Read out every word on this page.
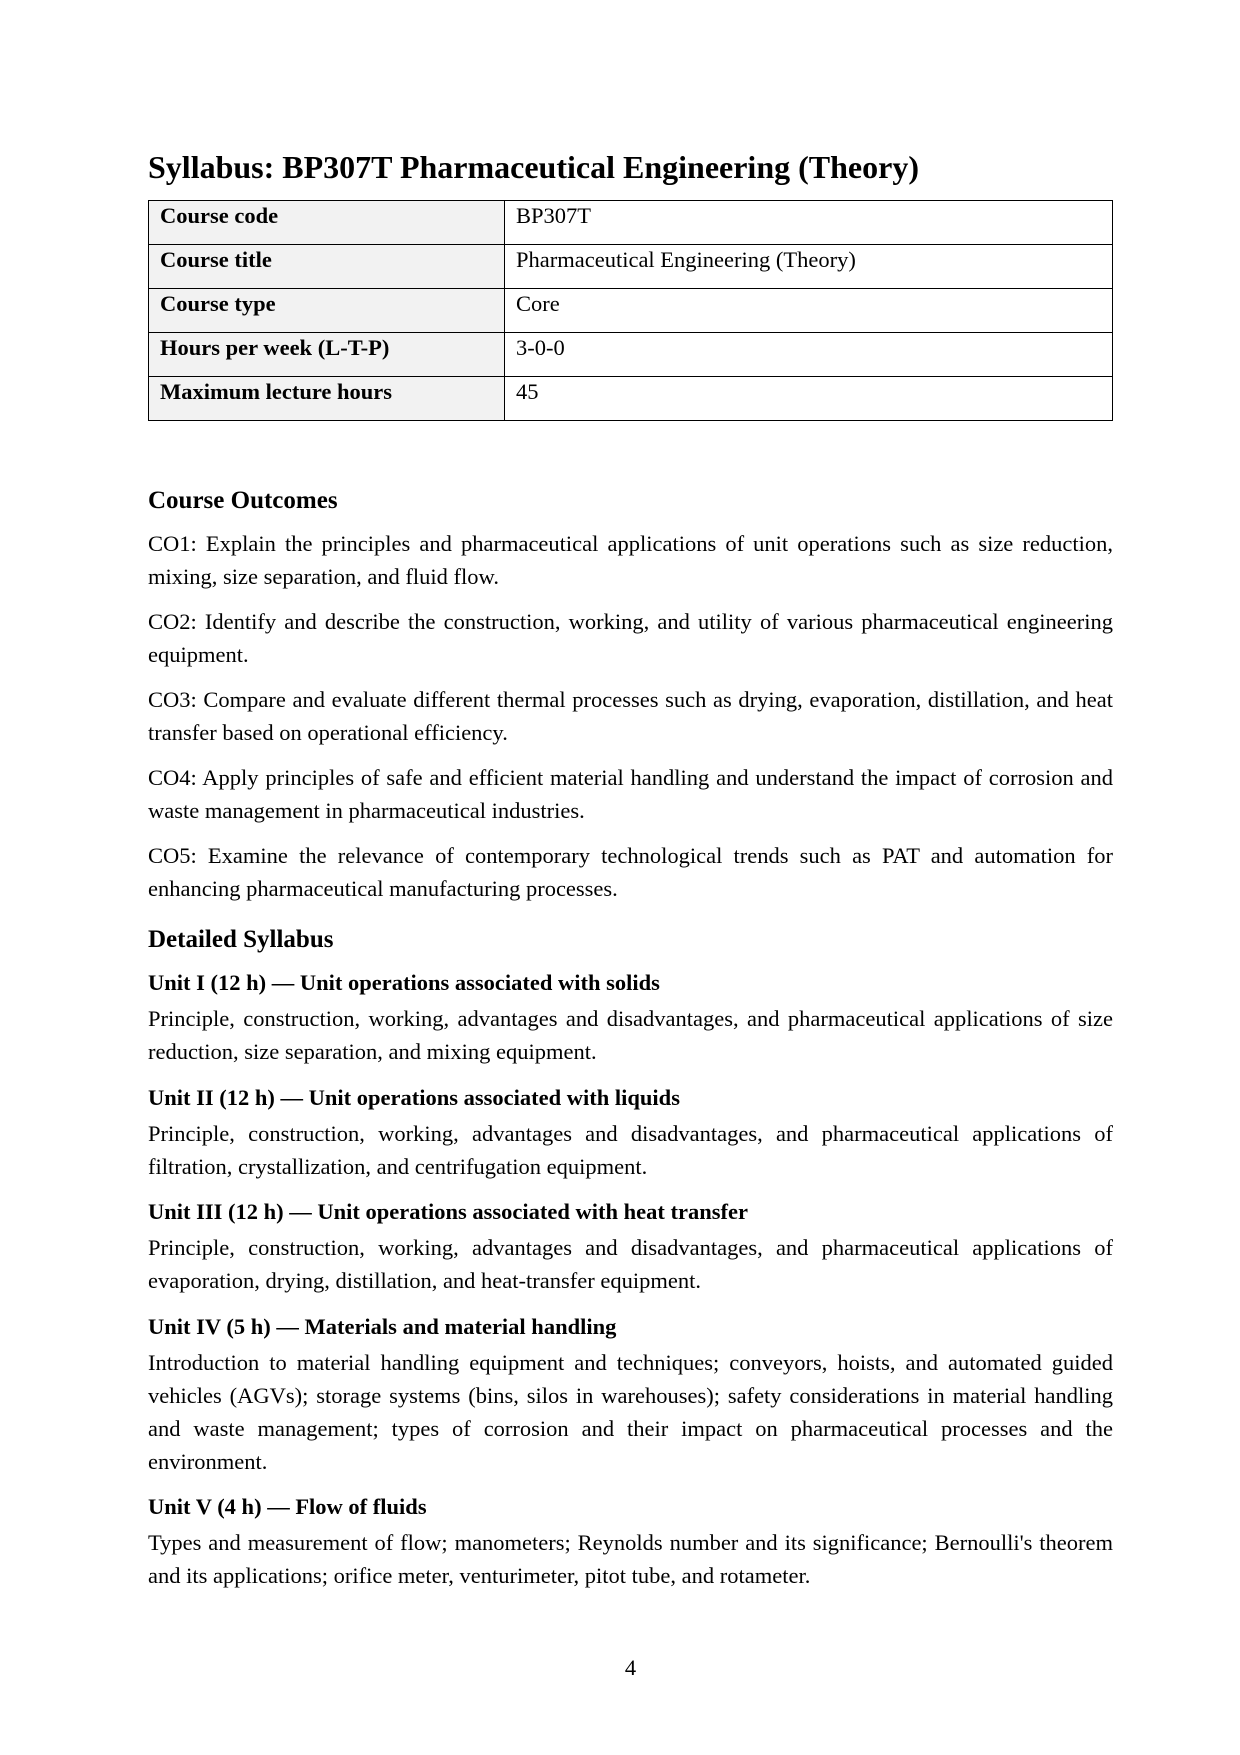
Syllabus: BP307T Pharmaceutical Engineering (Theory)
Course code	BP307T
Course title	Pharmaceutical Engineering (Theory)
Course type	Core
Hours per week (L-T-P)	3-0-0
Maximum lecture hours	45
Course Outcomes

CO1: Explain the principles and pharmaceutical applications of unit operations such as size reduction, mixing, size separation, and fluid flow.

CO2: Identify and describe the construction, working, and utility of various pharmaceutical engineering equipment.

CO3: Compare and evaluate different thermal processes such as drying, evaporation, distillation, and heat transfer based on operational efficiency.

CO4: Apply principles of safe and efficient material handling and understand the impact of corrosion and waste management in pharmaceutical industries.

CO5: Examine the relevance of contemporary technological trends such as PAT and automation for enhancing pharmaceutical manufacturing processes.

Detailed Syllabus
Unit I (12 h) — Unit operations associated with solids

Principle, construction, working, advantages and disadvantages, and pharmaceutical applications of size reduction, size separation, and mixing equipment.

Unit II (12 h) — Unit operations associated with liquids

Principle, construction, working, advantages and disadvantages, and pharmaceutical applications of filtration, crystallization, and centrifugation equipment.

Unit III (12 h) — Unit operations associated with heat transfer

Principle, construction, working, advantages and disadvantages, and pharmaceutical applications of evaporation, drying, distillation, and heat-transfer equipment.

Unit IV (5 h) — Materials and material handling

Introduction to material handling equipment and techniques; conveyors, hoists, and automated guided vehicles (AGVs); storage systems (bins, silos in warehouses); safety considerations in material handling and waste management; types of corrosion and their impact on pharmaceutical processes and the environment.

Unit V (4 h) — Flow of fluids

Types and measurement of flow; manometers; Reynolds number and its significance; Bernoulli's theorem and its applications; orifice meter, venturimeter, pitot tube, and rotameter.

4
